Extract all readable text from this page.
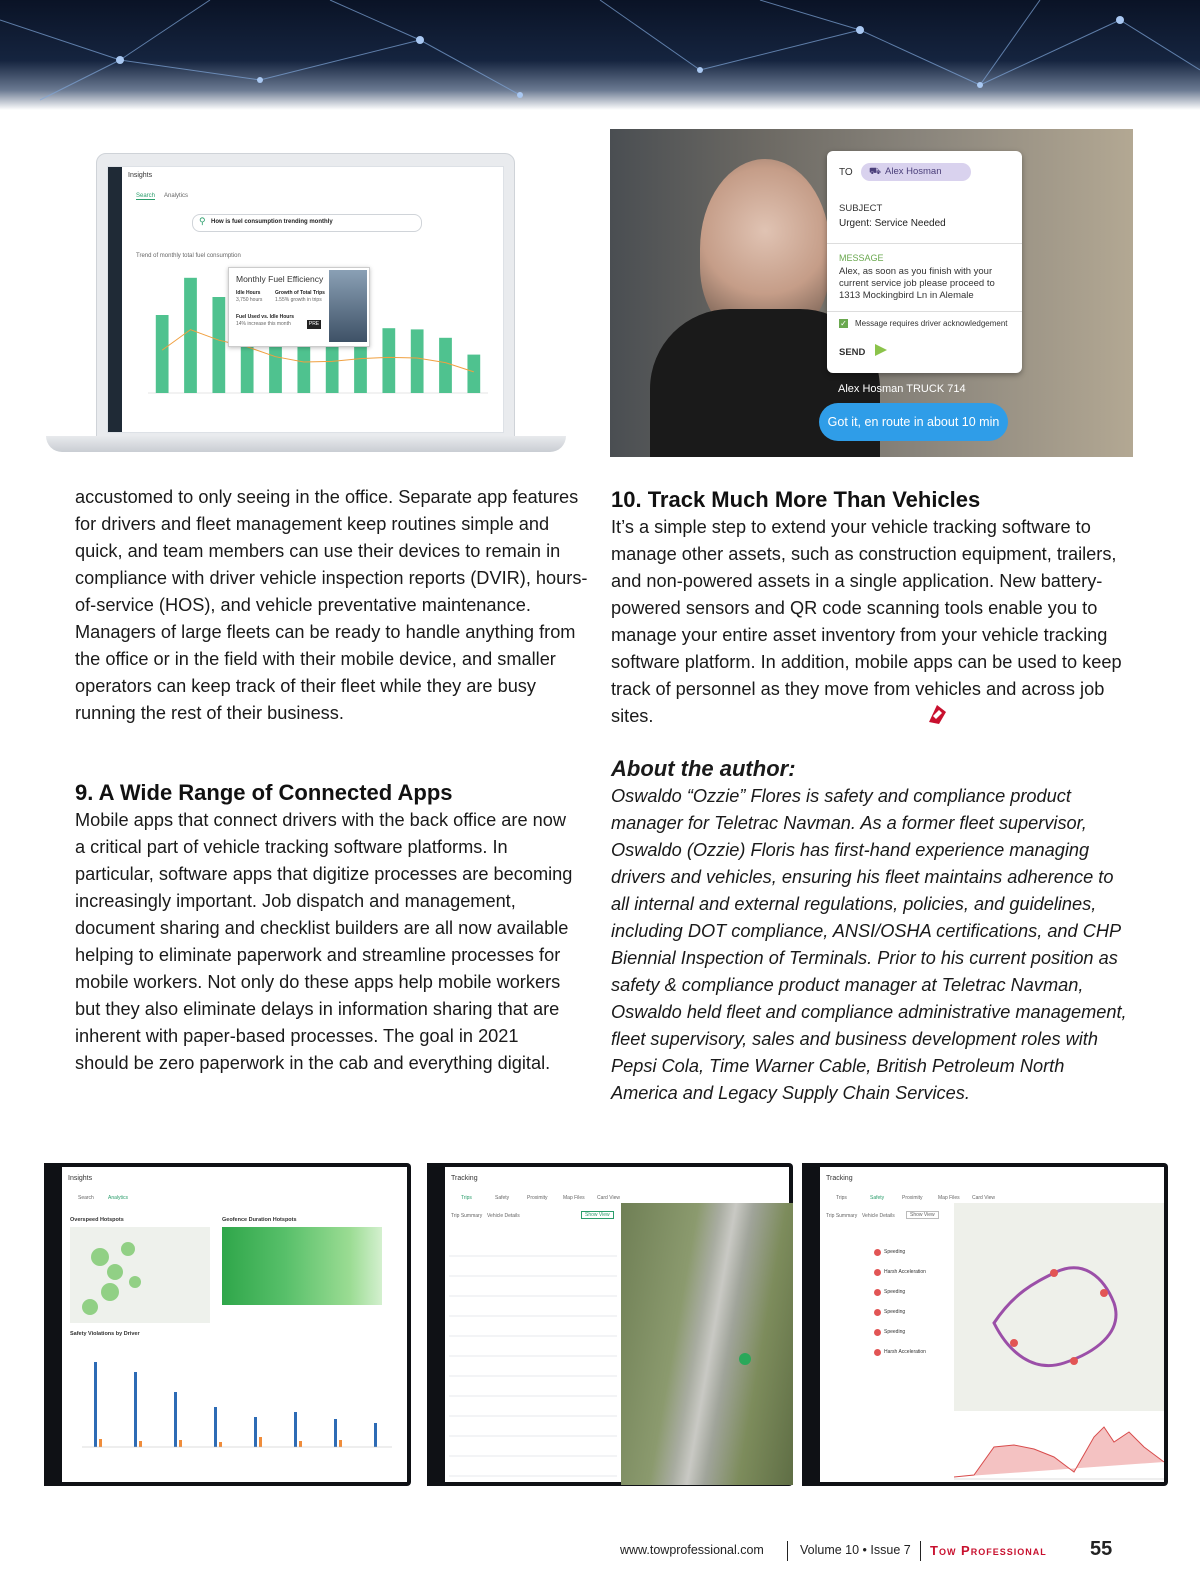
Insights
Search Analytics
⚲ How is fuel consumption trending monthly
Trend of monthly total fuel consumption
Monthly Fuel Efficiency
Idle Hours
3,750 hours
Growth of Total Trips
1.55% growth in trips
Fuel Used vs. Idle Hours
14% increase this month	PRE
TO ⛟ Alex Hosman
SUBJECT
Urgent: Service Needed
MESSAGE
Alex, as soon as you finish with your current service job please proceed to 1313 Mockingbird Ln in Alemale
✓ Message requires driver acknowledgement
SEND
Alex Hosman TRUCK 714
Got it, en route in about 10 min

accustomed to only seeing in the office. Separate app features for drivers and fleet management keep routines simple and quick, and team members can use their devices to remain in compliance with driver vehicle inspection reports (DVIR), hours-of-service (HOS), and vehicle preventative maintenance. Managers of large fleets can be ready to handle anything from the office or in the field with their mobile device, and smaller operators can keep track of their fleet while they are busy running the rest of their business.

9. A Wide Range of Connected Apps

Mobile apps that connect drivers with the back office are now a critical part of vehicle tracking software platforms. In particular, software apps that digitize processes are becoming increasingly important. Job dispatch and management, document sharing and checklist builders are all now available helping to eliminate paperwork and streamline processes for mobile workers. Not only do these apps help mobile workers but they also eliminate delays in information sharing that are inherent with paper-based processes. The goal in 2021 should be zero paperwork in the cab and everything digital.

10. Track Much More Than Vehicles

It’s a simple step to extend your vehicle tracking software to manage other assets, such as construction equipment, trailers, and non-powered assets in a single application. New battery-powered sensors and QR code scanning tools enable you to manage your entire asset inventory from your vehicle tracking software platform. In addition, mobile apps can be used to keep track of personnel as they move from vehicles and across job sites.

About the author:

Oswaldo “Ozzie” Flores is safety and compliance product manager for Teletrac Navman. As a former fleet supervisor, Oswaldo (Ozzie) Floris has first-hand experience managing drivers and vehicles, ensuring his fleet maintains adherence to all internal and external regulations, policies, and guidelines, including DOT compliance, ANSI/OSHA certifications, and CHP Biennial Inspection of Terminals. Prior to his current position as safety & compliance product manager at Teletrac Navman, Oswaldo held fleet and compliance administrative management, fleet supervisory, sales and business development roles with Pepsi Cola, Time Warner Cable, British Petroleum North America and Legacy Supply Chain Services.

Insights
Search	Analytics
Overspeed Hotspots	Geofence Duration Hotspots
Safety Violations by Driver
Tracking
Trips	Safety	Proximity	Map Files Card View
Trip Summary Vehicle Details	Show View
Tracking
Trips	Safety	Proximity	Map Files Card View
Trip Summary Vehicle Details	Show View
Speeding
Harsh Acceleration
Speeding
Speeding
Speeding
Harsh Acceleration
www.towprofessional.com	Volume 10 • Issue 7 Tow Professional 55
